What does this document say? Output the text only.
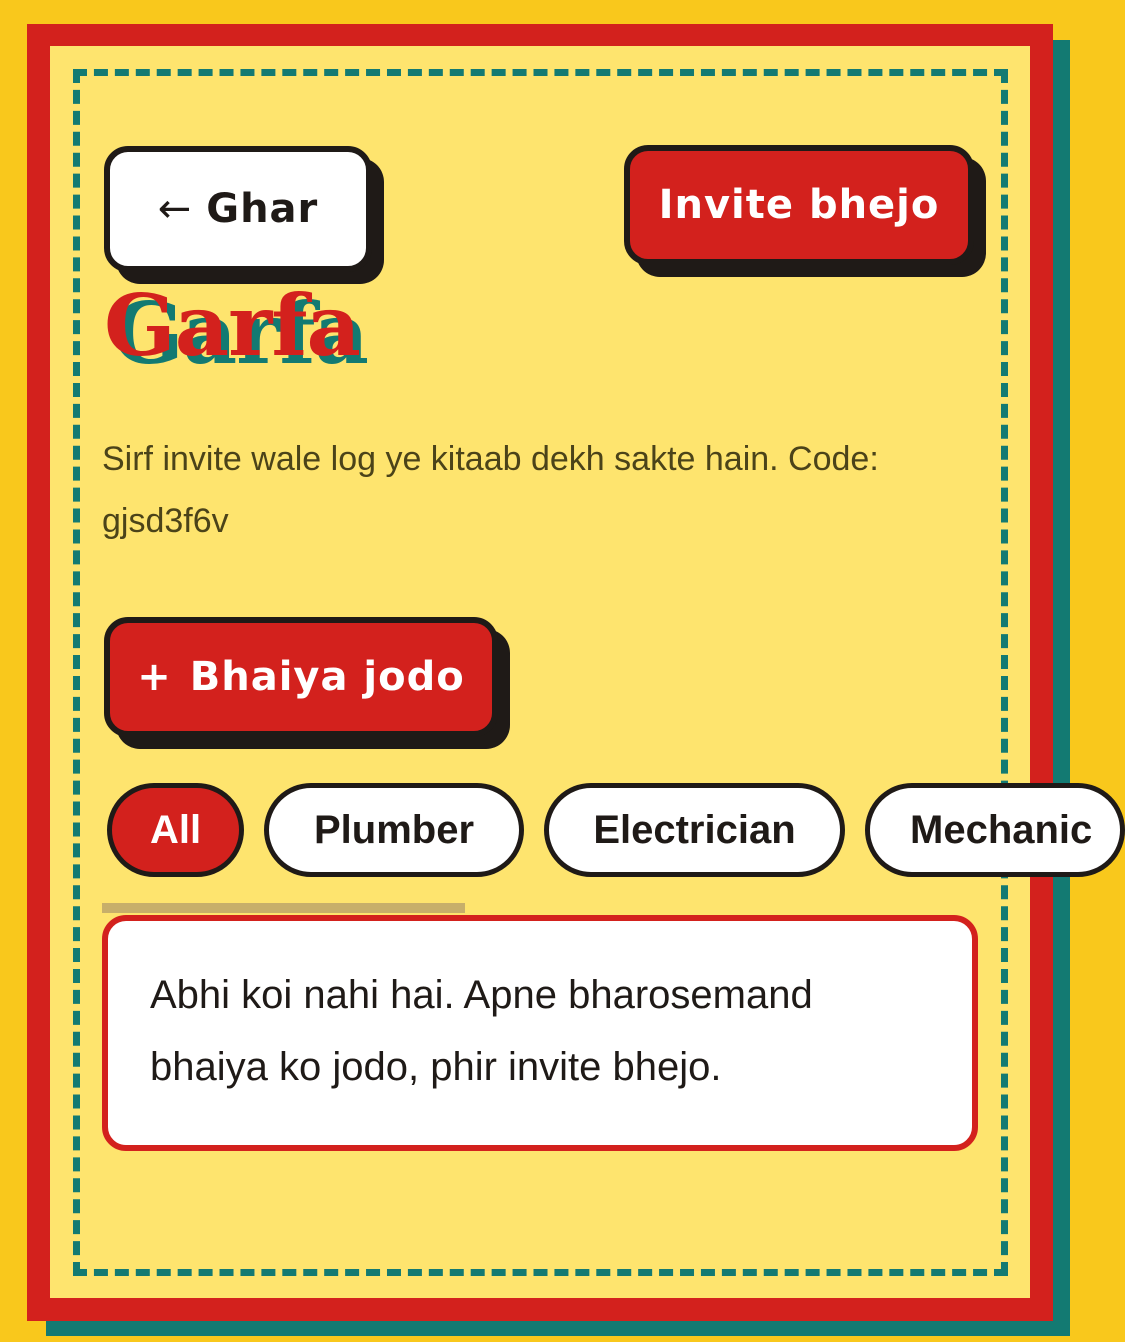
← Ghar	Invite bhejo
Garfa

Sirf invite wale log ye kitaab dekh sakte hain. Code: gjsd3f6v

+ Bhaiya jodo
All	Plumber	Electrician	Mechanic

Abhi koi nahi hai. Apne bharosemand bhaiya ko jodo, phir invite bhejo.
